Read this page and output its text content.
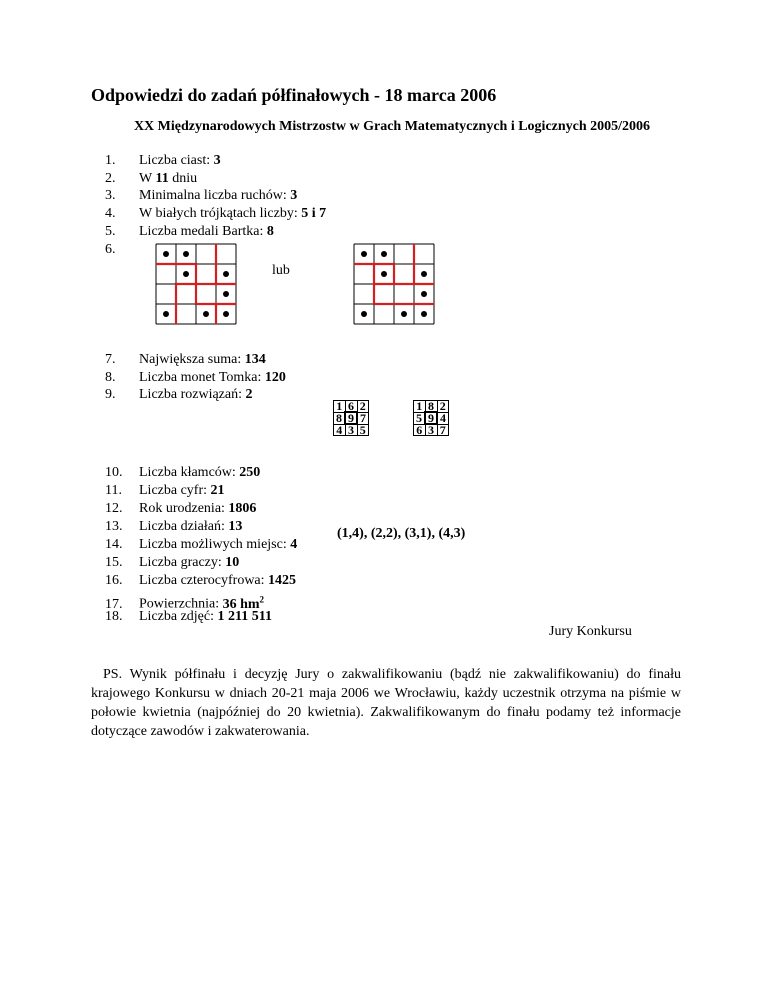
Odpowiedzi do zadań półfinałowych - 18 marca 2006
XX Międzynarodowych Mistrzostw w Grach Matematycznych i Logicznych 2005/2006
1. Liczba ciast: 3
2. W 11 dniu
3. Minimalna liczba ruchów: 3
4. W białych trójkątach liczby: 5 i 7
5. Liczba medali Bartka: 8
6.
7. Największa suma: 134
8. Liczba monet Tomka: 120
9. Liczba rozwiązań: 2
10. Liczba kłamców: 250
11. Liczba cyfr: 21
12. Rok urodzenia: 1806
13. Liczba działań: 13
14. Liczba możliwych miejsc: 4
15. Liczba graczy: 10
16. Liczba czterocyfrowa: 1425
17. Powierzchnia: 36 $hm^2$
18. Liczba zdjęć: 1 211 511
lub
1	6	2
8	9	7
4	3	5
1	8	2
5	9	4
6	3	7
(1,4), (2,2), (3,1), (4,3)
Jury Konkursu
PS. Wynik półfinału i decyzję Jury o zakwalifikowaniu (bądź nie zakwalifikowaniu) do finału krajowego Konkursu w dniach 20-21 maja 2006 we Wrocławiu, każdy uczestnik otrzyma na piśmie w połowie kwietnia (najpóźniej do 20 kwietnia). Zakwalifikowanym do finału podamy też informacje dotyczące zawodów i zakwaterowania.
